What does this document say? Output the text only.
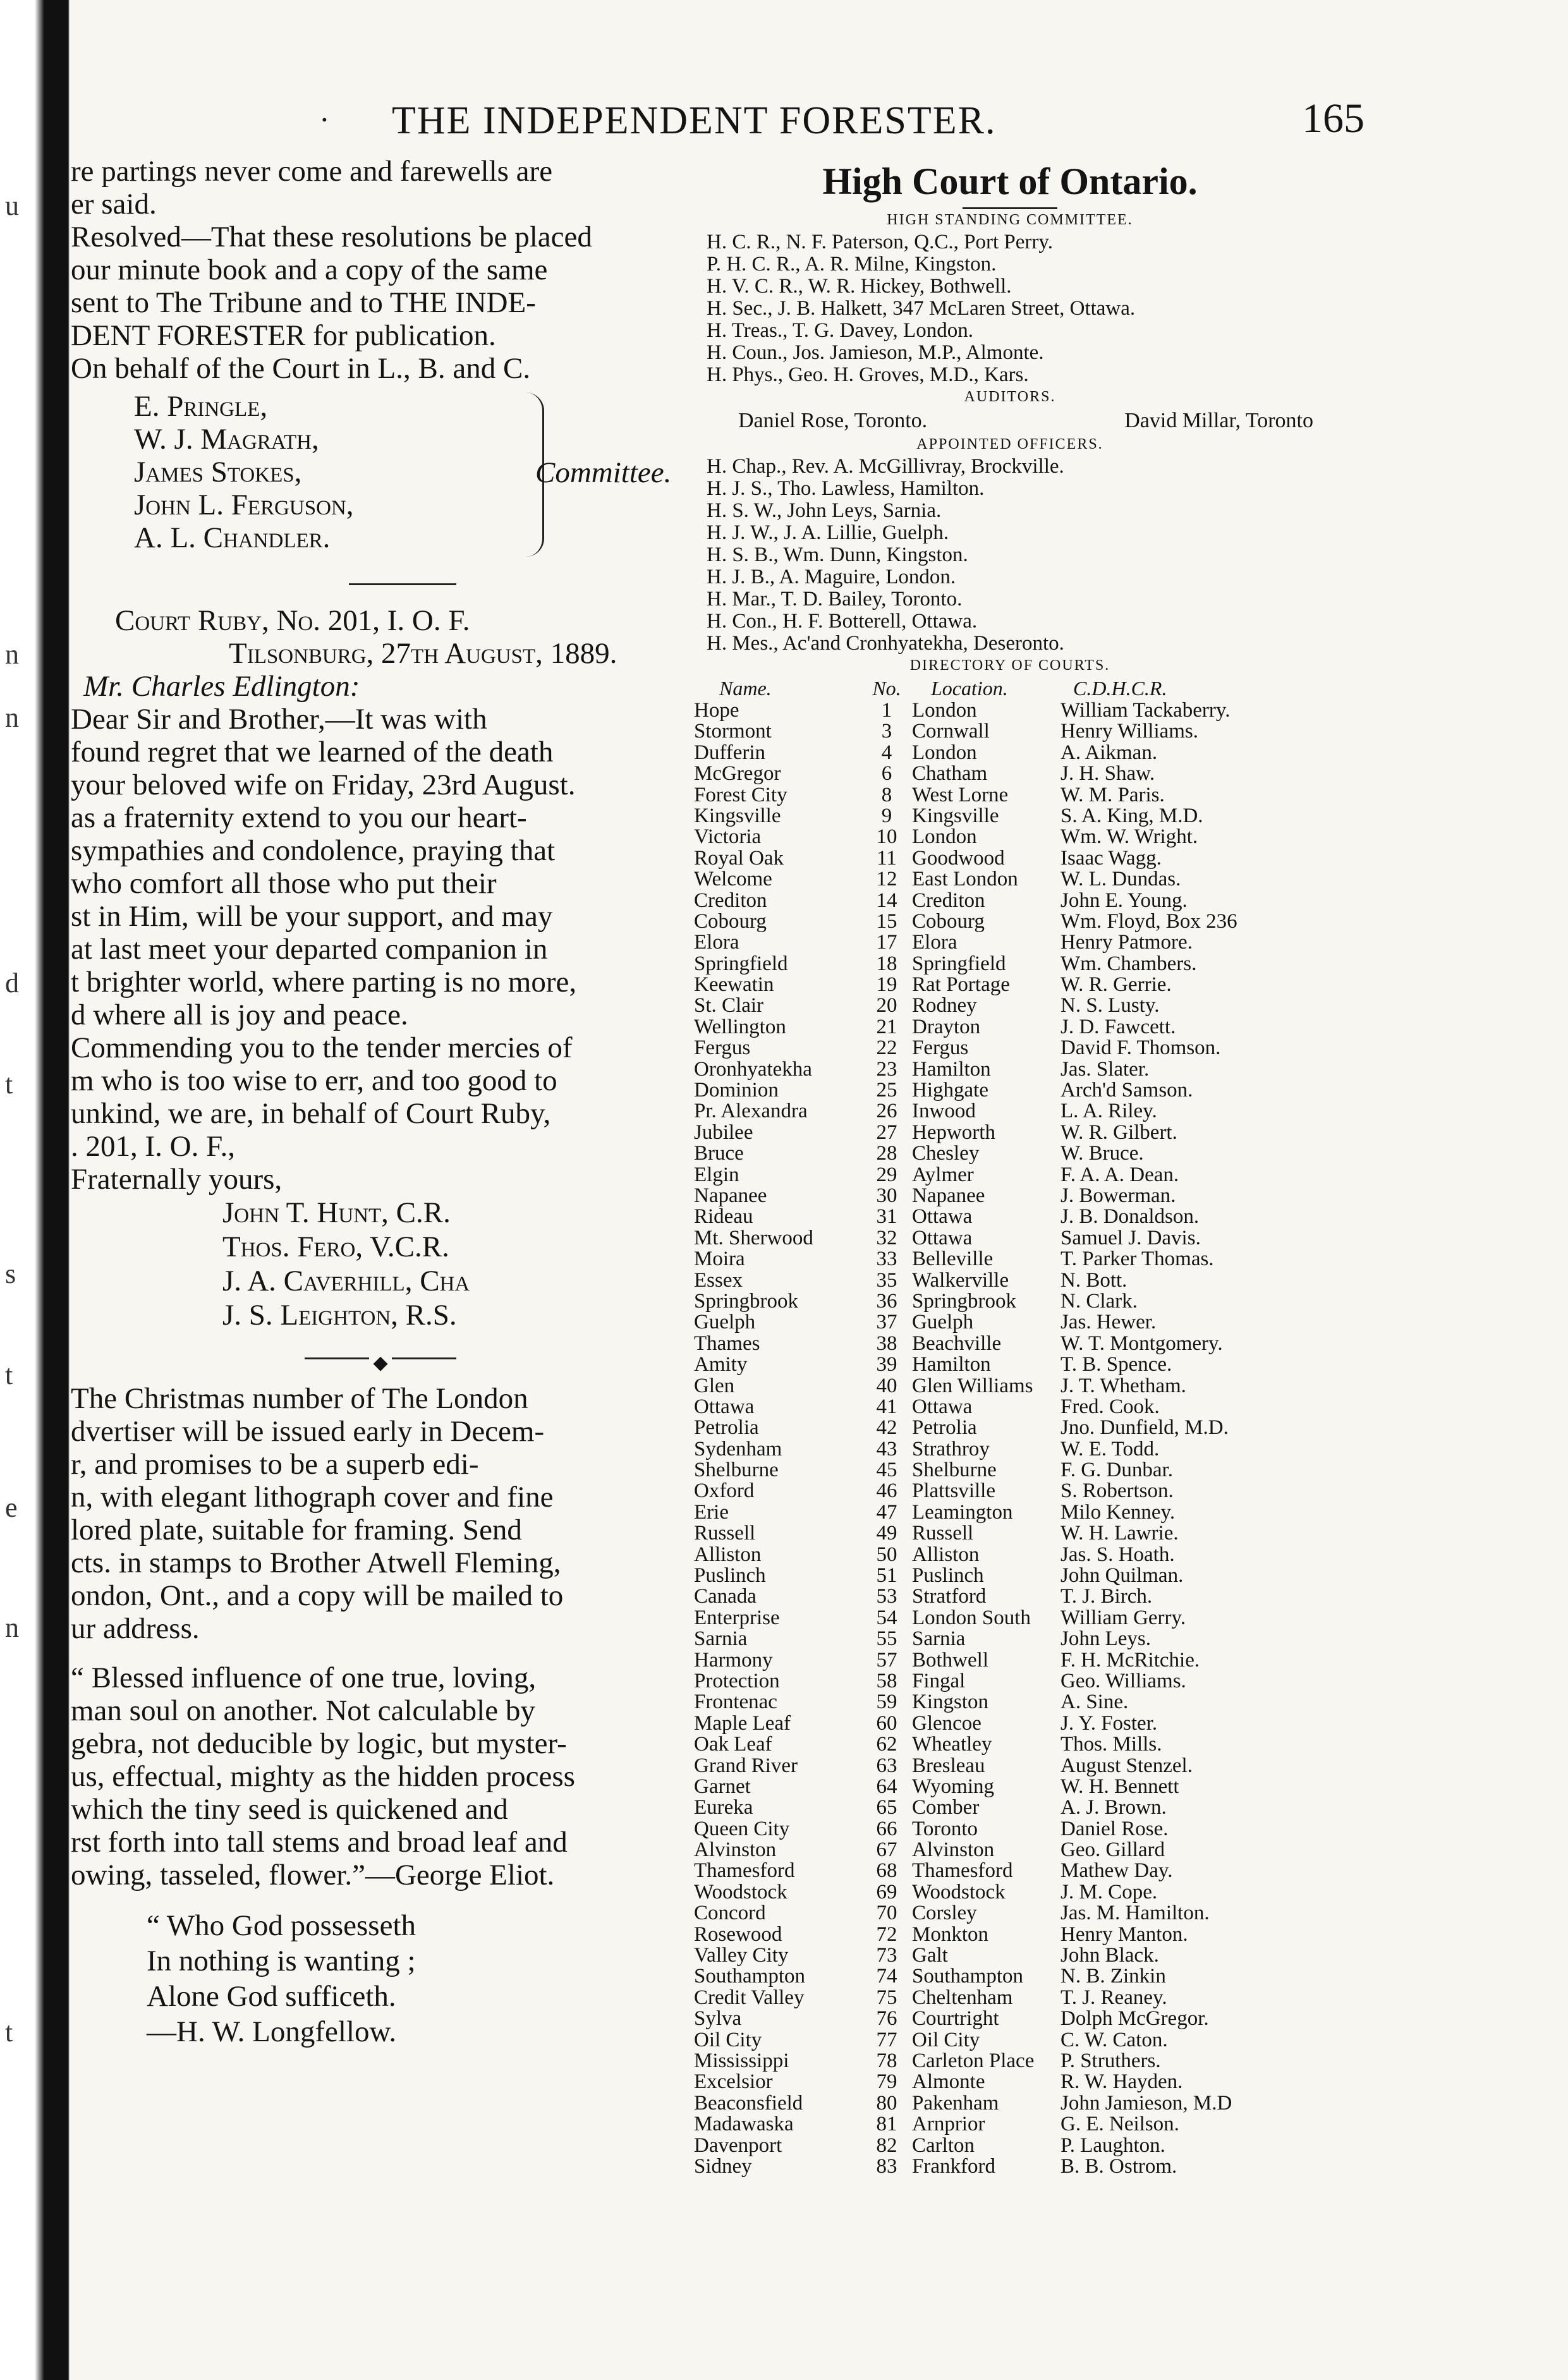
u
n
n
d
t
s
t
e
n
t
· THE INDEPENDENT FORESTER.	165

re partings never come and farewells are

er said.

Resolved—That these resolutions be placed

our minute book and a copy of the same

sent to The Tribune and to THE INDE-

DENT FORESTER for publication.

On behalf of the Court in L., B. and C.

E. Pringle,
W. J. Magrath,
James Stokes,
John L. Ferguson,
A. L. Chandler.
Committee.

Court Ruby, No. 201, I. O. F.

Tilsonburg, 27th August, 1889.

Mr. Charles Edlington:

Dear Sir and Brother,—It was with
found regret that we learned of the death
your beloved wife on Friday, 23rd August.
as a fraternity extend to you our heart-
sympathies and condolence, praying that
who comfort all those who put their
st in Him, will be your support, and may
at last meet your departed companion in
t brighter world, where parting is no more,
d where all is joy and peace.
Commending you to the tender mercies of
m who is too wise to err, and too good to
unkind, we are, in behalf of Court Ruby,
. 201, I. O. F.,
Fraternally yours,
John T. Hunt, C.R.
Thos. Fero, V.C.R.
J. A. Caverhill, Cha
J. S. Leighton, R.S.
◆
The Christmas number of The London
dvertiser will be issued early in Decem-
r, and promises to be a superb edi-
n, with elegant lithograph cover and fine
lored plate, suitable for framing. Send
cts. in stamps to Brother Atwell Fleming,
ondon, Ont., and a copy will be mailed to
ur address.
“ Blessed influence of one true, loving,
man soul on another. Not calculable by
gebra, not deducible by logic, but myster-
us, effectual, mighty as the hidden process
which the tiny seed is quickened and
rst forth into tall stems and broad leaf and
owing, tasseled, flower.”—George Eliot.
“ Who God possesseth
In nothing is wanting ;
Alone God sufficeth.
—H. W. Longfellow.
High Court of Ontario.
HIGH STANDING COMMITTEE.
H. C. R., N. F. Paterson, Q.C., Port Perry.
P. H. C. R., A. R. Milne, Kingston.
H. V. C. R., W. R. Hickey, Bothwell.
H. Sec., J. B. Halkett, 347 McLaren Street, Ottawa.
H. Treas., T. G. Davey, London.
H. Coun., Jos. Jamieson, M.P., Almonte.
H. Phys., Geo. H. Groves, M.D., Kars.
AUDITORS.
Daniel Rose, Toronto.	David Millar, Toronto
APPOINTED OFFICERS.
H. Chap., Rev. A. McGillivray, Brockville.
H. J. S., Tho. Lawless, Hamilton.
H. S. W., John Leys, Sarnia.
H. J. W., J. A. Lillie, Guelph.
H. S. B., Wm. Dunn, Kingston.
H. J. B., A. Maguire, London.
H. Mar., T. D. Bailey, Toronto.
H. Con., H. F. Botterell, Ottawa.
H. Mes., Ac'and Cronhyatekha, Deseronto.
DIRECTORY OF COURTS.
Name.	No.	Location.	C.D.H.C.R.
Hope	1	London	William Tackaberry.
Stormont	3	Cornwall	Henry Williams.
Dufferin	4	London	A. Aikman.
McGregor	6	Chatham	J. H. Shaw.
Forest City	8	West Lorne	W. M. Paris.
Kingsville	9	Kingsville	S. A. King, M.D.
Victoria	10	London	Wm. W. Wright.
Royal Oak	11	Goodwood	Isaac Wagg.
Welcome	12	East London	W. L. Dundas.
Crediton	14	Crediton	John E. Young.
Cobourg	15	Cobourg	Wm. Floyd, Box 236
Elora	17	Elora	Henry Patmore.
Springfield	18	Springfield	Wm. Chambers.
Keewatin	19	Rat Portage	W. R. Gerrie.
St. Clair	20	Rodney	N. S. Lusty.
Wellington	21	Drayton	J. D. Fawcett.
Fergus	22	Fergus	David F. Thomson.
Oronhyatekha	23	Hamilton	Jas. Slater.
Dominion	25	Highgate	Arch'd Samson.
Pr. Alexandra	26	Inwood	L. A. Riley.
Jubilee	27	Hepworth	W. R. Gilbert.
Bruce	28	Chesley	W. Bruce.
Elgin	29	Aylmer	F. A. A. Dean.
Napanee	30	Napanee	J. Bowerman.
Rideau	31	Ottawa	J. B. Donaldson.
Mt. Sherwood	32	Ottawa	Samuel J. Davis.
Moira	33	Belleville	T. Parker Thomas.
Essex	35	Walkerville	N. Bott.
Springbrook	36	Springbrook	N. Clark.
Guelph	37	Guelph	Jas. Hewer.
Thames	38	Beachville	W. T. Montgomery.
Amity	39	Hamilton	T. B. Spence.
Glen	40	Glen Williams	J. T. Whetham.
Ottawa	41	Ottawa	Fred. Cook.
Petrolia	42	Petrolia	Jno. Dunfield, M.D.
Sydenham	43	Strathroy	W. E. Todd.
Shelburne	45	Shelburne	F. G. Dunbar.
Oxford	46	Plattsville	S. Robertson.
Erie	47	Leamington	Milo Kenney.
Russell	49	Russell	W. H. Lawrie.
Alliston	50	Alliston	Jas. S. Hoath.
Puslinch	51	Puslinch	John Quilman.
Canada	53	Stratford	T. J. Birch.
Enterprise	54	London South	William Gerry.
Sarnia	55	Sarnia	John Leys.
Harmony	57	Bothwell	F. H. McRitchie.
Protection	58	Fingal	Geo. Williams.
Frontenac	59	Kingston	A. Sine.
Maple Leaf	60	Glencoe	J. Y. Foster.
Oak Leaf	62	Wheatley	Thos. Mills.
Grand River	63	Bresleau	August Stenzel.
Garnet	64	Wyoming	W. H. Bennett
Eureka	65	Comber	A. J. Brown.
Queen City	66	Toronto	Daniel Rose.
Alvinston	67	Alvinston	Geo. Gillard
Thamesford	68	Thamesford	Mathew Day.
Woodstock	69	Woodstock	J. M. Cope.
Concord	70	Corsley	Jas. M. Hamilton.
Rosewood	72	Monkton	Henry Manton.
Valley City	73	Galt	John Black.
Southampton	74	Southampton	N. B. Zinkin
Credit Valley	75	Cheltenham	T. J. Reaney.
Sylva	76	Courtright	Dolph McGregor.
Oil City	77	Oil City	C. W. Caton.
Mississippi	78	Carleton Place	P. Struthers.
Excelsior	79	Almonte	R. W. Hayden.
Beaconsfield	80	Pakenham	John Jamieson, M.D
Madawaska	81	Arnprior	G. E. Neilson.
Davenport	82	Carlton	P. Laughton.
Sidney	83	Frankford	B. B. Ostrom.
